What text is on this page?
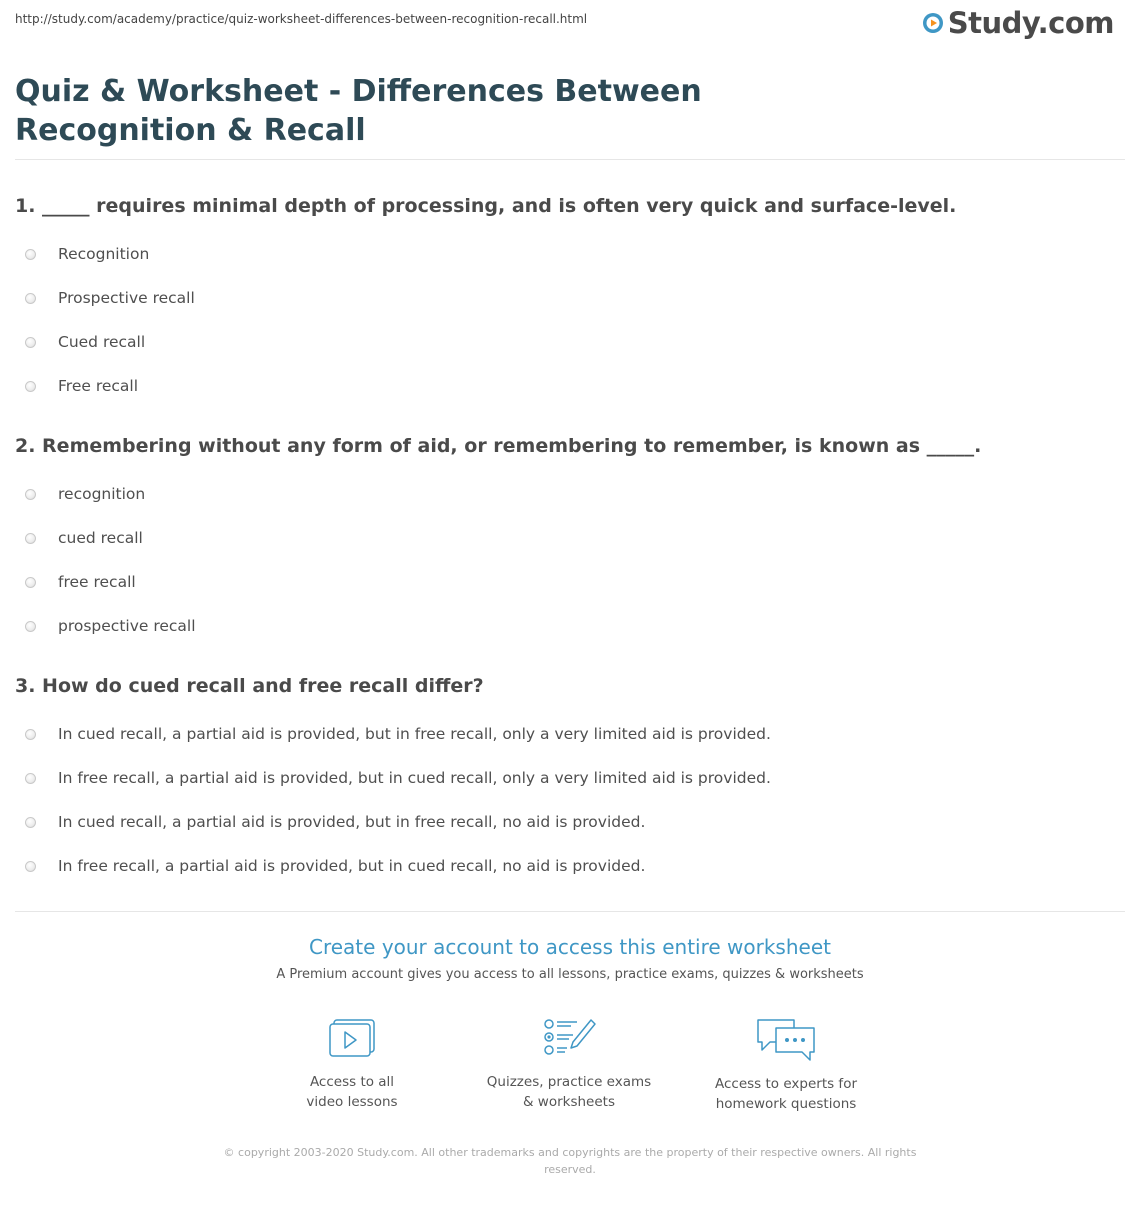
http://study.com/academy/practice/quiz-worksheet-differences-between-recognition-recall.html	Study.com
Quiz & Worksheet - Differences Between Recognition & Recall
1. _____ requires minimal depth of processing, and is often very quick and surface-level.
Recognition
Prospective recall
Cued recall
Free recall
2. Remembering without any form of aid, or remembering to remember, is known as _____.
recognition
cued recall
free recall
prospective recall
3. How do cued recall and free recall differ?
In cued recall, a partial aid is provided, but in free recall, only a very limited aid is provided.
In free recall, a partial aid is provided, but in cued recall, only a very limited aid is provided.
In cued recall, a partial aid is provided, but in free recall, no aid is provided.
In free recall, a partial aid is provided, but in cued recall, no aid is provided.
Create your account to access this entire worksheet
A Premium account gives you access to all lessons, practice exams, quizzes & worksheets
Access to all
video lessons
Quizzes, practice exams
& worksheets
Access to experts for
homework questions
© copyright 2003-2020 Study.com. All other trademarks and copyrights are the property of their respective owners. All rights reserved.
